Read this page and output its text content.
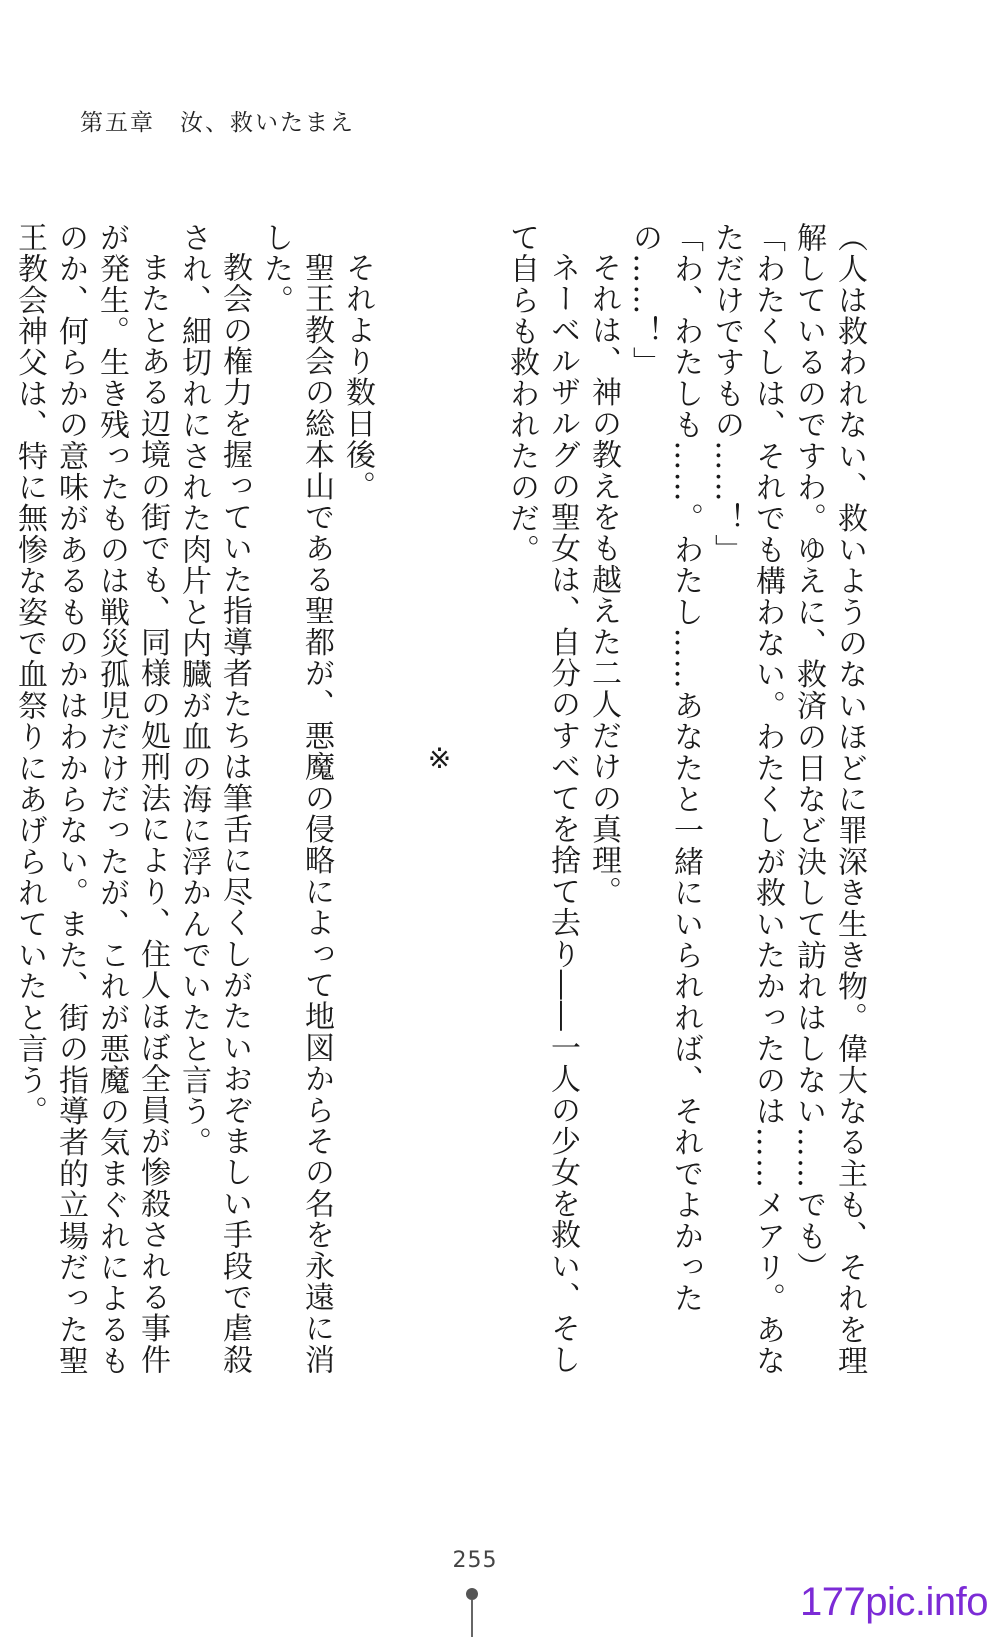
第五章　汝、救いたまえ

（人は救われない、救いようのないほどに罪深き生き物。偉大なる主も、それを理解しているのですわ。ゆえに、救済の日など決して訪れはしない……でも）

「わたくしは、それでも構わない。わたくしが救いたかったのは……メアリ。あなただけですもの……！」

「わ、わたしも……。わたし……あなたと一緒にいられれば、それでよかったの……！」

それは、神の教えをも越えた二人だけの真理。

ネーベルザルグの聖女は、自分のすべてを捨て去り――一人の少女を救い、そして自らも救われたのだ。

※

それより数日後。

聖王教会の総本山である聖都が、悪魔の侵略によって地図からその名を永遠に消した。

教会の権力を握っていた指導者たちは筆舌に尽くしがたいおぞましい手段で虐殺され、細切れにされた肉片と内臓が血の海に浮かんでいたと言う。

またとある辺境の街でも、同様の処刑法により、住人ほぼ全員が惨殺される事件が発生。生き残ったものは戦災孤児だけだったが、これが悪魔の気まぐれによるものか、何らかの意味があるものかはわからない。また、街の指導者的立場だった聖王教会神父は、特に無惨な姿で血祭りにあげられていたと言う。

255
177pic.info
